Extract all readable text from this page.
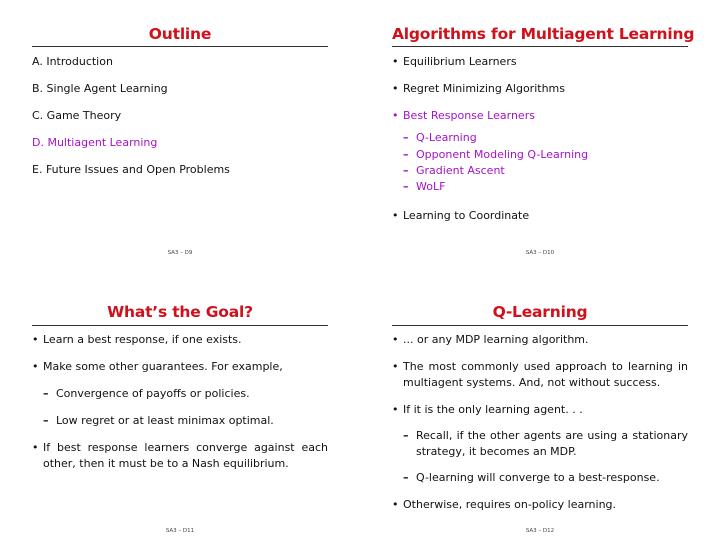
Outline
A. Introduction
B. Single Agent Learning
C. Game Theory
D. Multiagent Learning
E. Future Issues and Open Problems
SA3 – D9
Algorithms for Multiagent Learning
• Equilibrium Learners
• Regret Minimizing Algorithms
• Best Response Learners
– Q-Learning
– Opponent Modeling Q-Learning
– Gradient Ascent
– WoLF
• Learning to Coordinate
SA3 – D10
What’s the Goal?
• Learn a best response, if one exists.
• Make some other guarantees. For example,
– Convergence of payoffs or policies.
– Low regret or at least minimax optimal.
• If best response learners converge against each other, then it must be to a Nash equilibrium.
SA3 – D11
Q-Learning
• ... or any MDP learning algorithm.
• The most commonly used approach to learning in multiagent systems. And, not without success.
• If it is the only learning agent. . .
– Recall, if the other agents are using a stationary strategy, it becomes an MDP.
– Q-learning will converge to a best-response.
• Otherwise, requires on-policy learning.
SA3 – D12
